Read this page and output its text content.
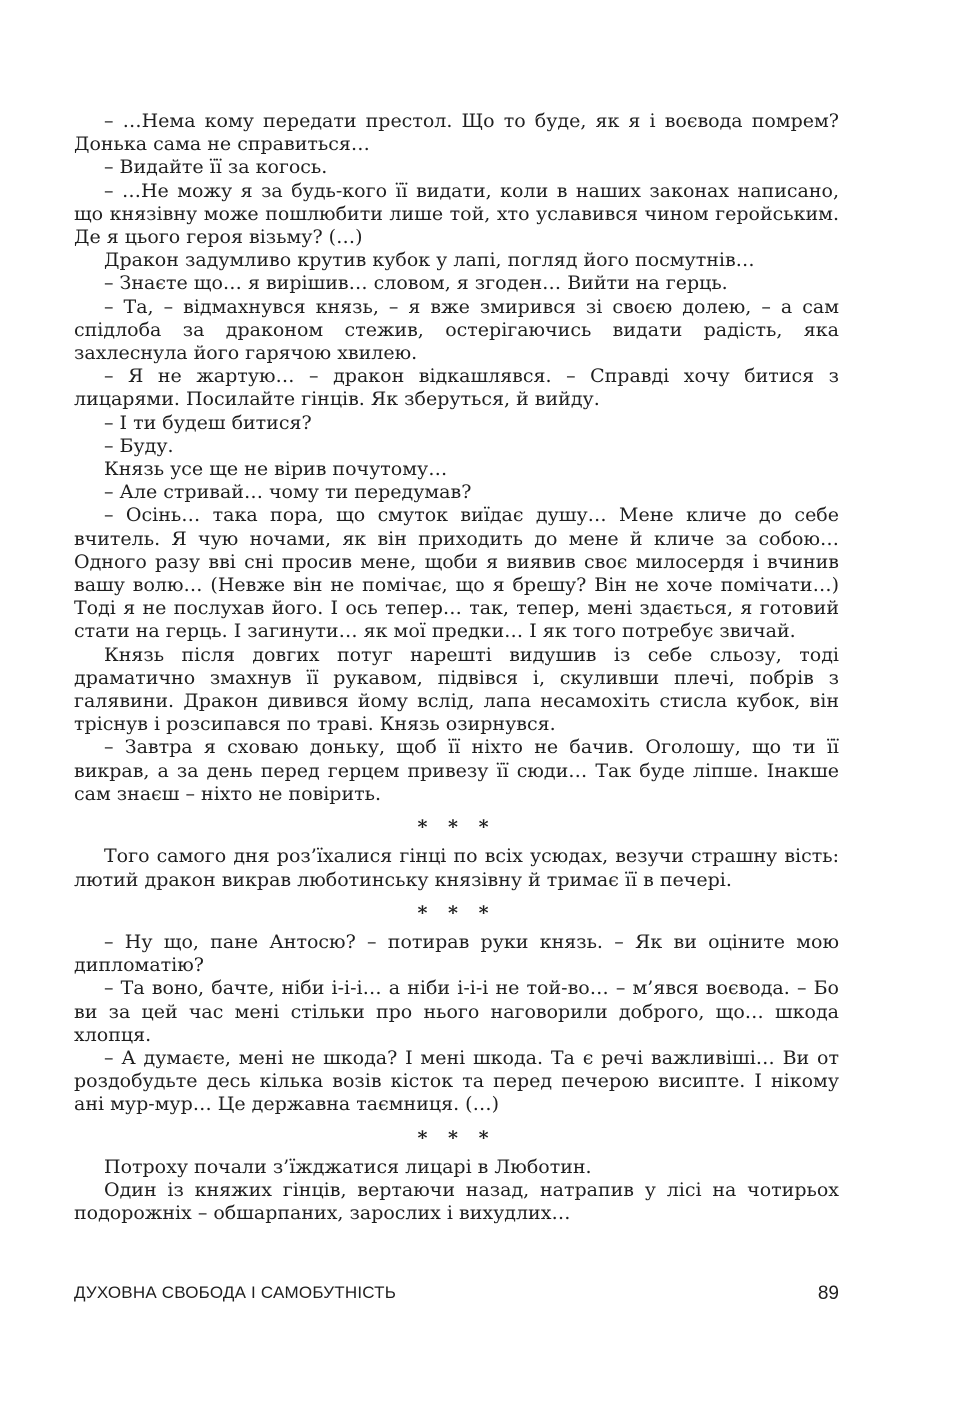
– …Нема кому передати престол. Що то буде, як я і воєвода помрем? Донька сама не справиться…

– Видайте її за когось.

– …Не можу я за будь-кого її видати, коли в наших законах написано, що князівну може пошлюбити лише той, хто уславився чином геройським. Де я цього героя візьму? (…)

Дракон задумливо крутив кубок у лапі, погляд його посмутнів…

– Знаєте що… я вирішив… словом, я згоден… Вийти на герць.

– Та, – відмахнувся князь, – я вже змирився зі своєю долею, – а сам спідлоба за драконом стежив, остерігаючись видати радість, яка захлеснула його гарячою хвилею.

– Я не жартую… – дракон відкашлявся. – Справді хочу битися з лицарями. Посилайте гінців. Як зберуться, й вийду.

– І ти будеш битися?

– Буду.

Князь усе ще не вірив почутому…

– Але стривай… чому ти передумав?

– Осінь… така пора, що смуток виїдає душу… Мене кличе до себе вчитель. Я чую ночами, як він приходить до мене й кличе за собою… Одного разу вві сні просив мене, щоби я виявив своє милосердя і вчинив вашу волю… (Невже він не помічає, що я брешу? Він не хоче помічати…) Тоді я не послухав його. І ось тепер… так, тепер, мені здається, я готовий стати на герць. І загинути… як мої предки… І як того потребує звичай.

Князь після довгих потуг нарешті видушив із себе сльозу, тоді драматично змахнув її рукавом, підвівся і, скуливши плечі, побрів з галявини. Дракон дивився йому вслід, лапа несамохіть стисла кубок, він тріснув і розсипався по траві. Князь озирнувся.

– Завтра я сховаю доньку, щоб її ніхто не бачив. Оголошу, що ти її викрав, а за день перед герцем привезу її сюди… Так буде ліпше. Інакше сам знаєш – ніхто не повірить.

* * *

Того самого дня роз’їхалися гінці по всіх усюдах, везучи страшну вість: лютий дракон викрав люботинську князівну й тримає її в печері.

* * *

– Ну що, пане Антосю? – потирав руки князь. – Як ви оціните мою дипломатію?

– Та воно, бачте, ніби і-і-і… а ніби і-і-і не той-во… – м’явся воєвода. – Бо ви за цей час мені стільки про нього наговорили доброго, що… шкода хлопця.

– А думаєте, мені не шкода? І мені шкода. Та є речі важливіші… Ви от роздобудьте десь кілька возів кісток та перед печерою висипте. І нікому ані мур-мур… Це державна таємниця. (…)

* * *

Потроху почали з’їжджатися лицарі в Люботин.

Один із княжих гінців, вертаючи назад, натрапив у лісі на чотирьох подорожніх – обшарпаних, зарослих і вихудлих…

ДУХОВНА СВОБОДА І САМОБУТНІСТЬ	89
